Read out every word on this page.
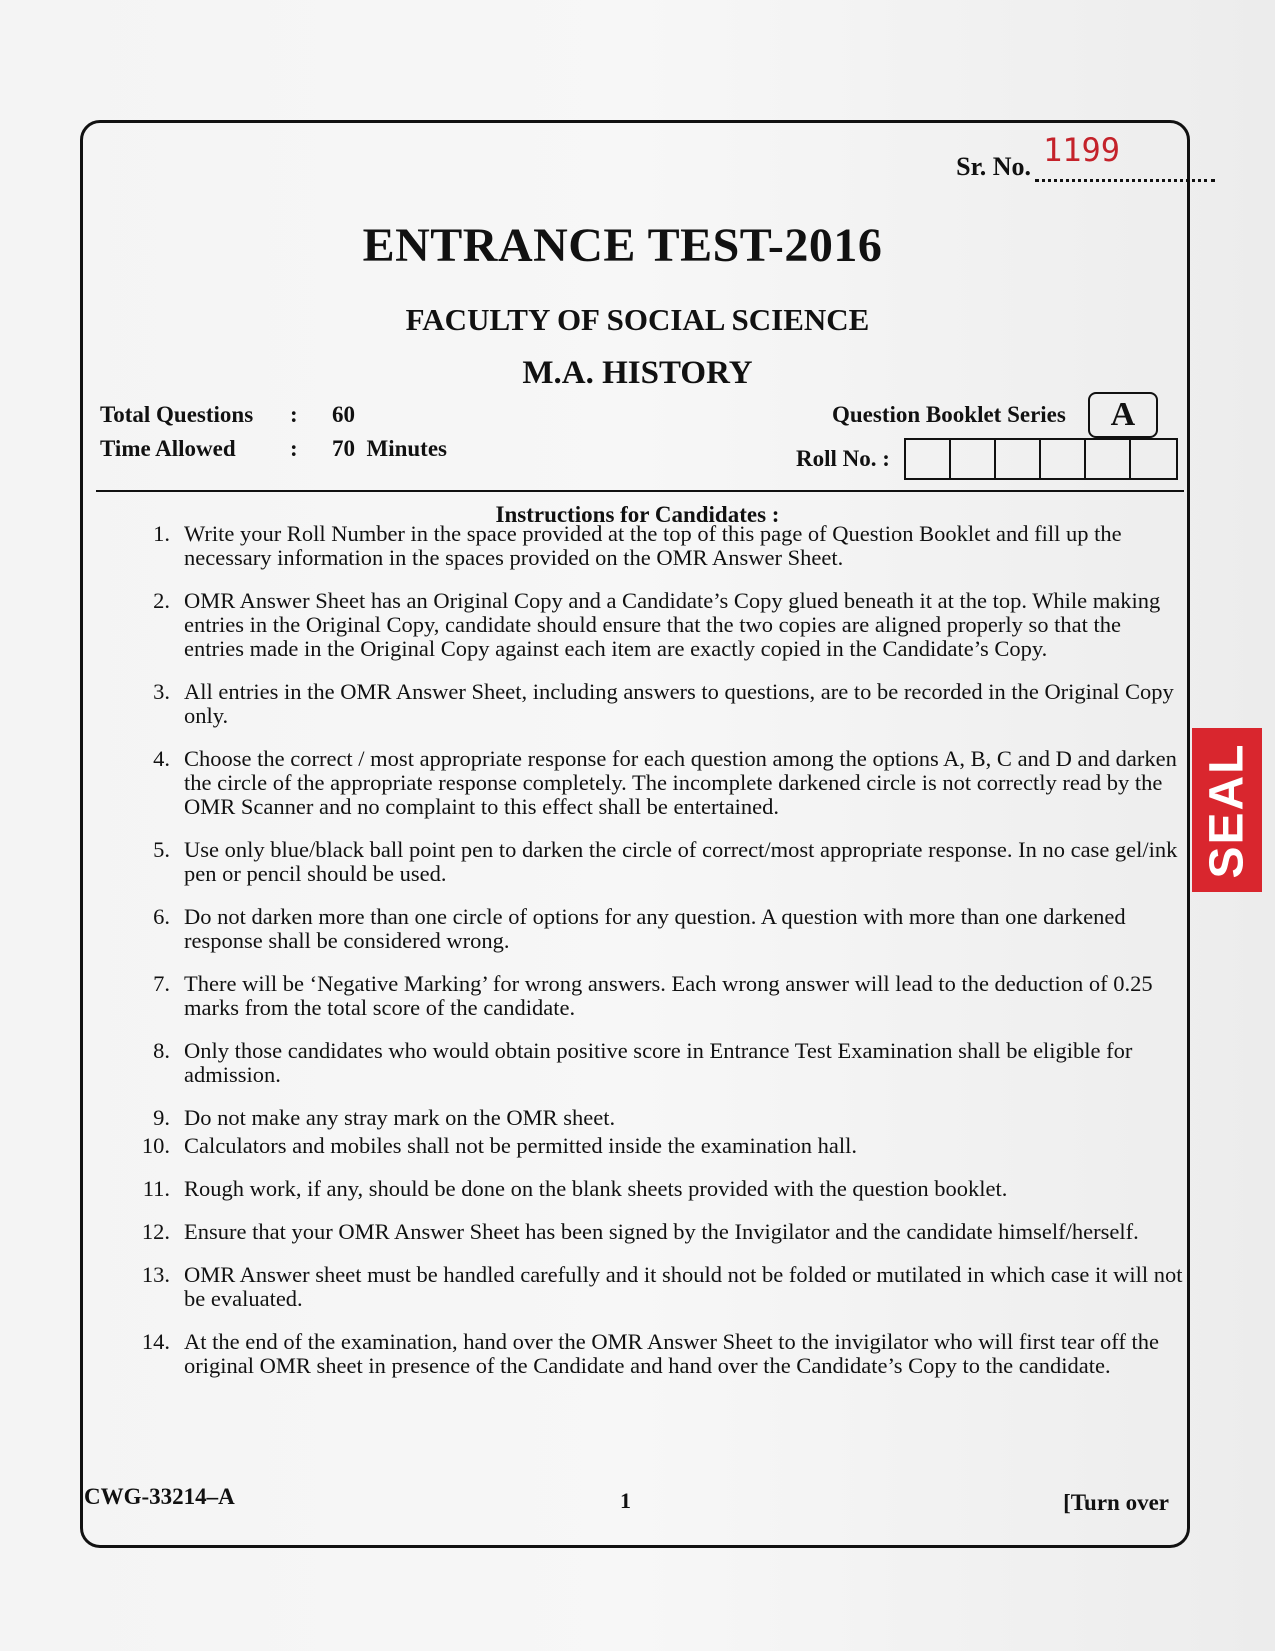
Sr. No. 1199
ENTRANCE TEST-2016
FACULTY OF SOCIAL SCIENCE
M.A. HISTORY
Total Questions	:	60
Time Allowed	:	70  Minutes
Question Booklet Series	A
Roll No. :
Instructions for Candidates :
1. Write your Roll Number in the space provided at the top of this page of Question Booklet and fill up the necessary information in the spaces provided on the OMR Answer Sheet.
2. OMR Answer Sheet has an Original Copy and a Candidate’s Copy glued beneath it at the top. While making entries in the Original Copy, candidate should ensure that the two copies are aligned properly so that the entries made in the Original Copy against each item are exactly copied in the Candidate’s Copy.
3. All entries in the OMR Answer Sheet, including answers to questions, are to be recorded in the Original Copy only.
4. Choose the correct / most appropriate response for each question among the options A, B, C and D and darken the circle of the appropriate response completely. The incomplete darkened circle is not correctly read by the OMR Scanner and no complaint to this effect shall be entertained.
5. Use only blue/black ball point pen to darken the circle of correct/most appropriate response. In no case gel/ink pen or pencil should be used.
6. Do not darken more than one circle of options for any question. A question with more than one darkened response shall be considered wrong.
7. There will be ‘Negative Marking’ for wrong answers. Each wrong answer will lead to the deduction of 0.25 marks from the total score of the candidate.
8. Only those candidates who would obtain positive score in Entrance Test Examination shall be eligible for admission.
9. Do not make any stray mark on the OMR sheet.
10. Calculators and mobiles shall not be permitted inside the examination hall.
11. Rough work, if any, should be done on the blank sheets provided with the question booklet.
12. Ensure that your OMR Answer Sheet has been signed by the Invigilator and the candidate himself/herself.
13. OMR Answer sheet must be handled carefully and it should not be folded or mutilated in which case it will not be evaluated.
14. At the end of the examination, hand over the OMR Answer Sheet to the invigilator who will first tear off the original OMR sheet in presence of the Candidate and hand over the Candidate’s Copy to the candidate.
CWG-33214–A	1	[Turn over
SEAL
